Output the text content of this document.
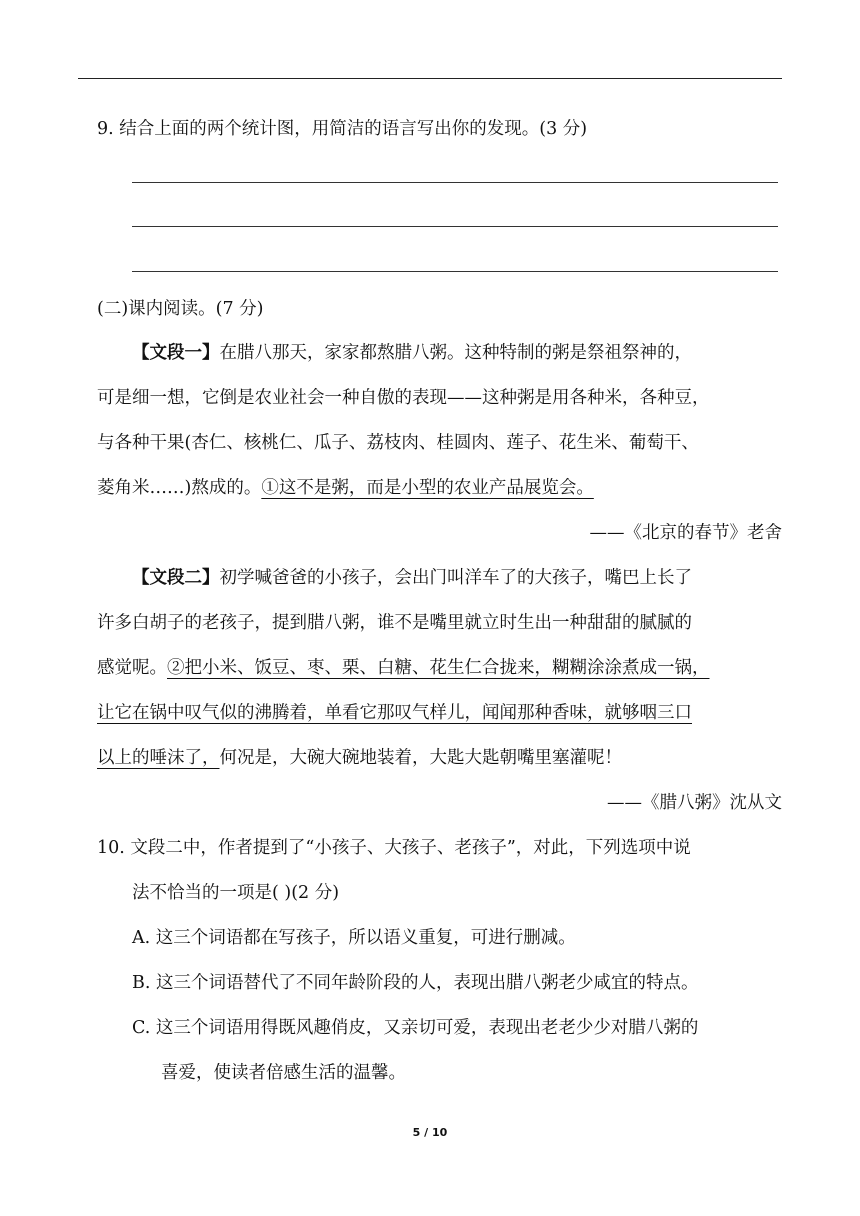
9. 结合上面的两个统计图，用简洁的语言写出你的发现。(3 分)
(二)课内阅读。(7 分)
【文段一】在腊八那天，家家都熬腊八粥。这种特制的粥是祭祖祭神的，
可是细一想，它倒是农业社会一种自傲的表现——这种粥是用各种米，各种豆，
与各种干果(杏仁、核桃仁、瓜子、荔枝肉、桂圆肉、莲子、花生米、葡萄干、
菱角米……)熬成的。①这不是粥，而是小型的农业产品展览会。
——《北京的春节》老舍
【文段二】初学喊爸爸的小孩子，会出门叫洋车了的大孩子，嘴巴上长了
许多白胡子的老孩子，提到腊八粥，谁不是嘴里就立时生出一种甜甜的腻腻的
感觉呢。②把小米、饭豆、枣、栗、白糖、花生仁合拢来，糊糊涂涂煮成一锅，
让它在锅中叹气似的沸腾着，单看它那叹气样儿，闻闻那种香味，就够咽三口
以上的唾沫了，何况是，大碗大碗地装着，大匙大匙朝嘴里塞灌呢！
——《腊八粥》沈从文
10. 文段二中，作者提到了“小孩子、大孩子、老孩子”，对此，下列选项中说
法不恰当的一项是( )(2 分)
A. 这三个词语都在写孩子，所以语义重复，可进行删减。
B. 这三个词语替代了不同年龄阶段的人，表现出腊八粥老少咸宜的特点。
C. 这三个词语用得既风趣俏皮，又亲切可爱，表现出老老少少对腊八粥的
喜爱，使读者倍感生活的温馨。
5 / 10
